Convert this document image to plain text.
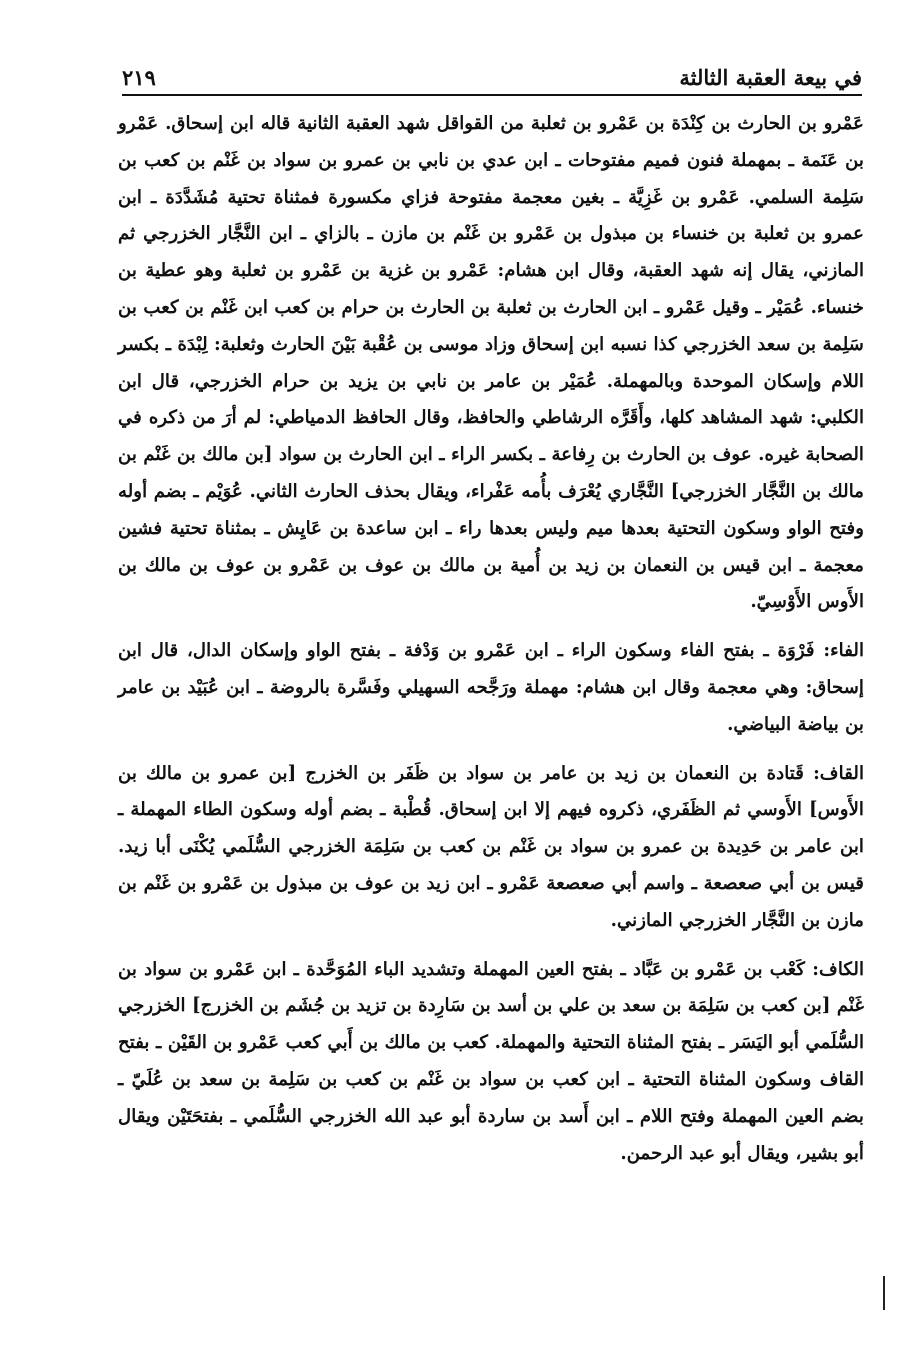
في بيعة العقبة الثالثة
٢١٩

عَمْرو بن الحارث بن كِنْدَة بن عَمْرو بن ثعلبة من القواقل شهد العقبة الثانية قاله ابن إسحاق. عَمْرو بن عَنَمة ـ بمهملة فنون فميم مفتوحات ـ ابن عدي بن نابي بن عمرو بن سواد بن غَنْم بن كعب بن سَلِمة السلمي. عَمْرو بن غَزِيَّة ـ بغين معجمة مفتوحة فزاي مكسورة فمثناة تحتية مُشَدَّدَة ـ ابن عمرو بن ثعلبة بن خنساء بن مبذول بن عَمْرو بن غَنْم بن مازن ـ بالزاي ـ ابن النَّجَّار الخزرجي ثم المازني، يقال إنه شهد العقبة، وقال ابن هشام: عَمْرو بن غزية بن عَمْرو بن ثعلبة وهو عطية بن خنساء. عُمَيْر ـ وقيل عَمْرو ـ ابن الحارث بن ثعلبة بن الحارث بن حرام بن كعب ابن غَنْم بن كعب بن سَلِمة بن سعد الخزرجي كذا نسبه ابن إسحاق وزاد موسى بن عُقْبة بَيْنَ الحارث وثعلبة: لِبْدَة ـ بكسر اللام وإسكان الموحدة وبالمهملة. عُمَيْر بن عامر بن نابي بن يزيد بن حرام الخزرجي، قال ابن الكلبي: شهد المشاهد كلها، وأَقَرَّه الرشاطي والحافظ، وقال الحافظ الدمياطي: لم أرَ من ذكره في الصحابة غيره. عوف بن الحارث بن رِفاعة ـ بكسر الراء ـ ابن الحارث بن سواد [بن مالك بن غَنْم بن مالك بن النَّجَّار الخزرجي] النَّجَّاري يُعْرَف بأُمه عَفْراء، ويقال بحذف الحارث الثاني. عُوَيْم ـ بضم أوله وفتح الواو وسكون التحتية بعدها ميم وليس بعدها راء ـ ابن ساعدة بن عَايِش ـ بمثناة تحتية فشين معجمة ـ ابن قيس بن النعمان بن زيد بن أُمية بن مالك بن عوف بن عَمْرو بن عوف بن مالك بن الأَوس الأَوْسِيّ.

الفاء: فَرْوَة ـ بفتح الفاء وسكون الراء ـ ابن عَمْرو بن وَدْفة ـ بفتح الواو وإسكان الدال، قال ابن إسحاق: وهي معجمة وقال ابن هشام: مهملة ورَجَّحه السهيلي وفَسَّرة بالروضة ـ ابن عُبَيْد بن عامر بن بياضة البياضي.

القاف: قَتادة بن النعمان بن زيد بن عامر بن سواد بن ظَفَر بن الخزرج [بن عمرو بن مالك بن الأَوس] الأَوسي ثم الظَفَري، ذكروه فيهم إلا ابن إسحاق. قُطْبة ـ بضم أوله وسكون الطاء المهملة ـ ابن عامر بن حَدِيدة بن عمرو بن سواد بن غَنْم بن كعب بن سَلِمَة الخزرجي السُّلَمي يُكْنَى أبا زيد. قيس بن أبي صعصعة ـ واسم أبي صعصعة عَمْرو ـ ابن زيد بن عوف بن مبذول بن عَمْرو بن غَنْم بن مازن بن النَّجَّار الخزرجي المازني.

الكاف: كَعْب بن عَمْرو بن عَبَّاد ـ بفتح العين المهملة وتشديد الباء المُوَحَّدة ـ ابن عَمْرو بن سواد بن غَنْم [بن كعب بن سَلِمَة بن سعد بن علي بن أسد بن سَارِدة بن تزيد بن جُشَم بن الخزرج] الخزرجي السُّلَمي أبو اليَسَر ـ بفتح المثناة التحتية والمهملة. كعب بن مالك بن أَبي كعب عَمْرو بن القَيْن ـ بفتح القاف وسكون المثناة التحتية ـ ابن كعب بن سواد بن غَنْم بن كعب بن سَلِمة بن سعد بن عُلَيّ ـ بضم العين المهملة وفتح اللام ـ ابن أَسد بن ساردة أبو عبد الله الخزرجي السُّلَمي ـ بفتحَتَيْن ويقال أبو بشير، ويقال أبو عبد الرحمن.
